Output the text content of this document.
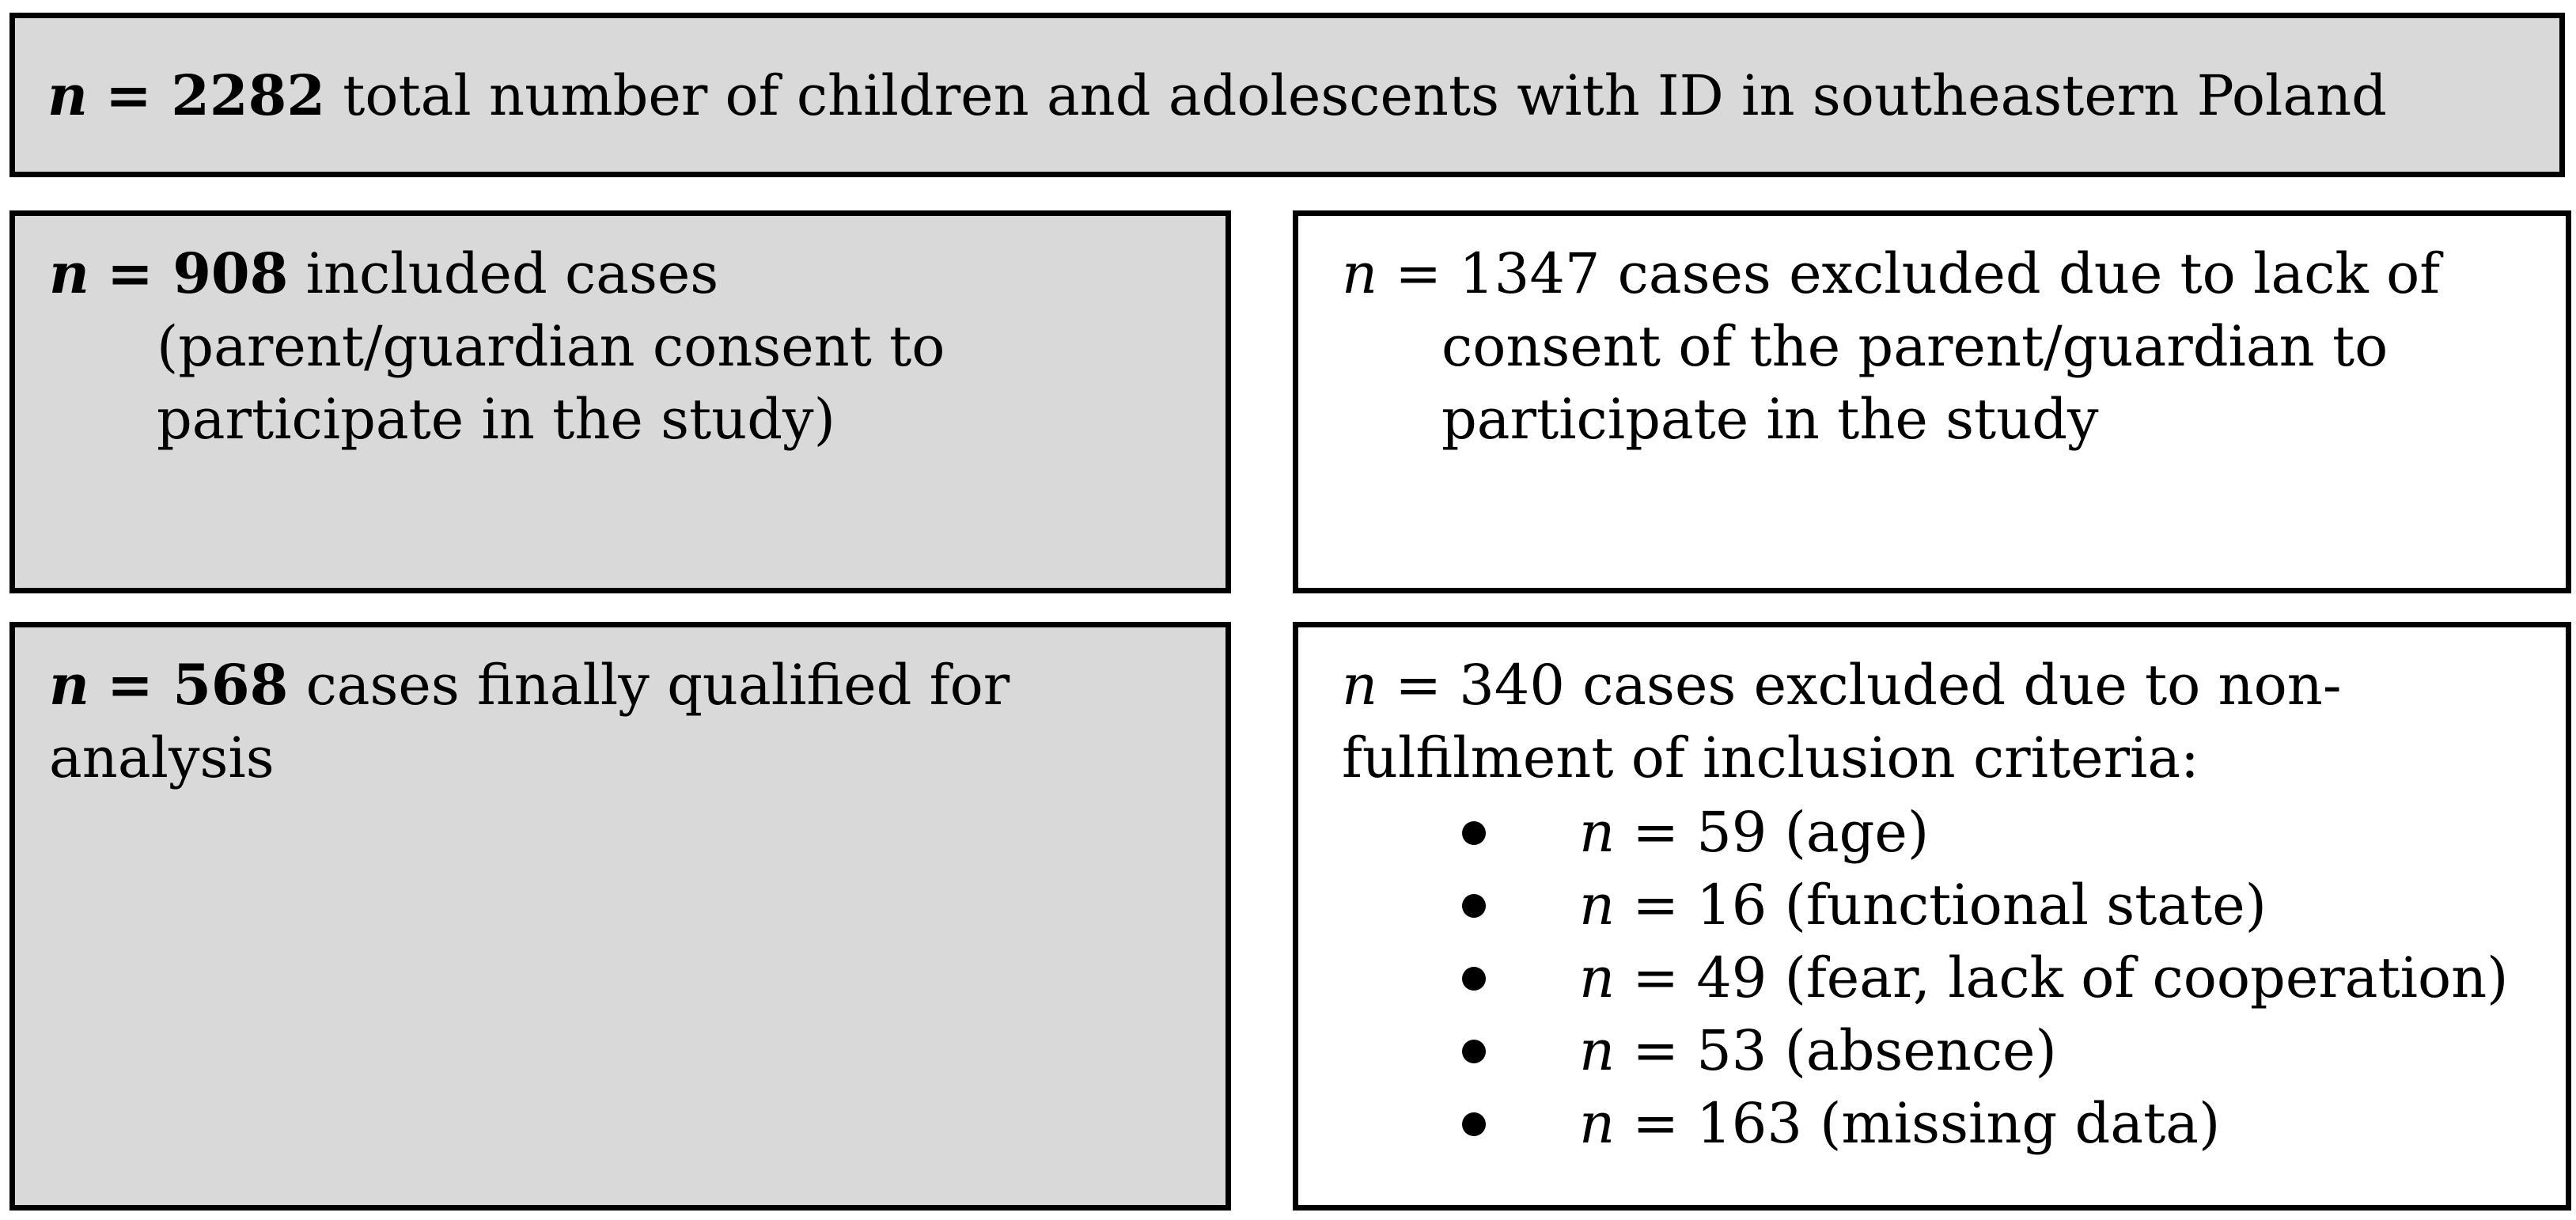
n = 2282 total number of children and adolescents with ID in southeastern Poland
n = 908 included cases
(parent/guardian consent to
participate in the study)
n = 1347 cases excluded due to lack of
consent of the parent/guardian to
participate in the study
n = 568 cases finally qualified for
analysis
n = 340 cases excluded due to non-
fulfilment of inclusion criteria:
n = 59 (age)
n = 16 (functional state)
n = 49 (fear, lack of cooperation)
n = 53 (absence)
n = 163 (missing data)
